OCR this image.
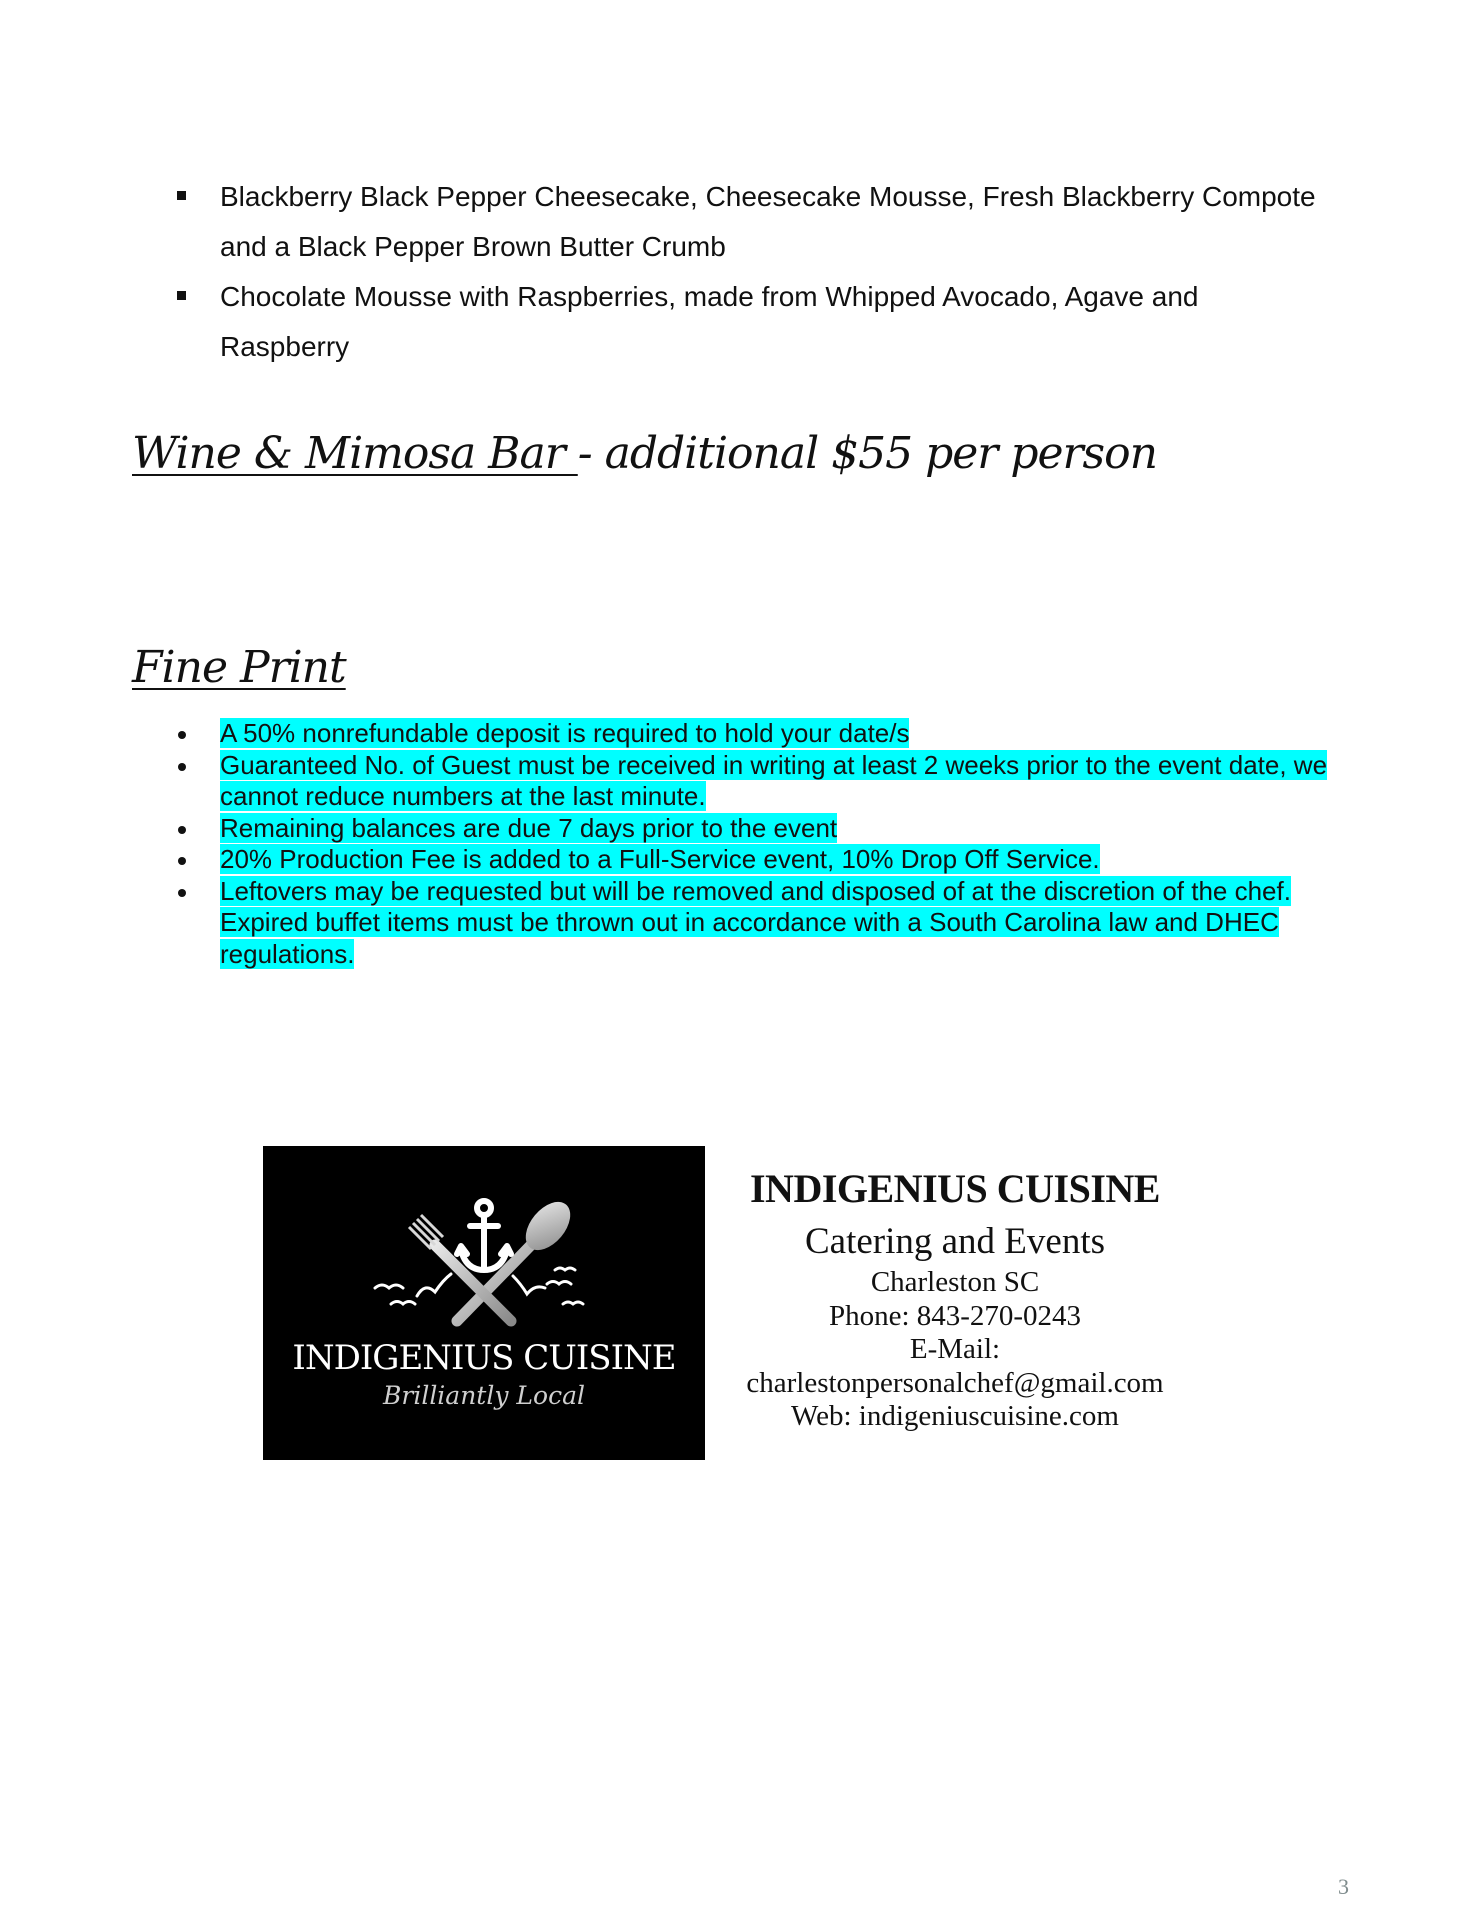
Blackberry Black Pepper Cheesecake, Cheesecake Mousse, Fresh Blackberry Compote and a Black Pepper Brown Butter Crumb
Chocolate Mousse with Raspberries, made from Whipped Avocado, Agave and Raspberry
Wine & Mimosa Bar - additional $55 per person
Fine Print
A 50% nonrefundable deposit is required to hold your date/s
Guaranteed No. of Guest must be received in writing at least 2 weeks prior to the event date, we cannot reduce numbers at the last minute.
Remaining balances are due 7 days prior to the event
20% Production Fee is added to a Full-Service event, 10% Drop Off Service.
Leftovers may be requested but will be removed and disposed of at the discretion of the chef. Expired buffet items must be thrown out in accordance with a South Carolina law and DHEC regulations.
INDIGENIUS CUISINE
Brilliantly Local
INDIGENIUS CUISINE
Catering and Events
Charleston SC
Phone: 843-270-0243
E-Mail:
charlestonpersonalchef@gmail.com
Web: indigeniuscuisine.com
3
